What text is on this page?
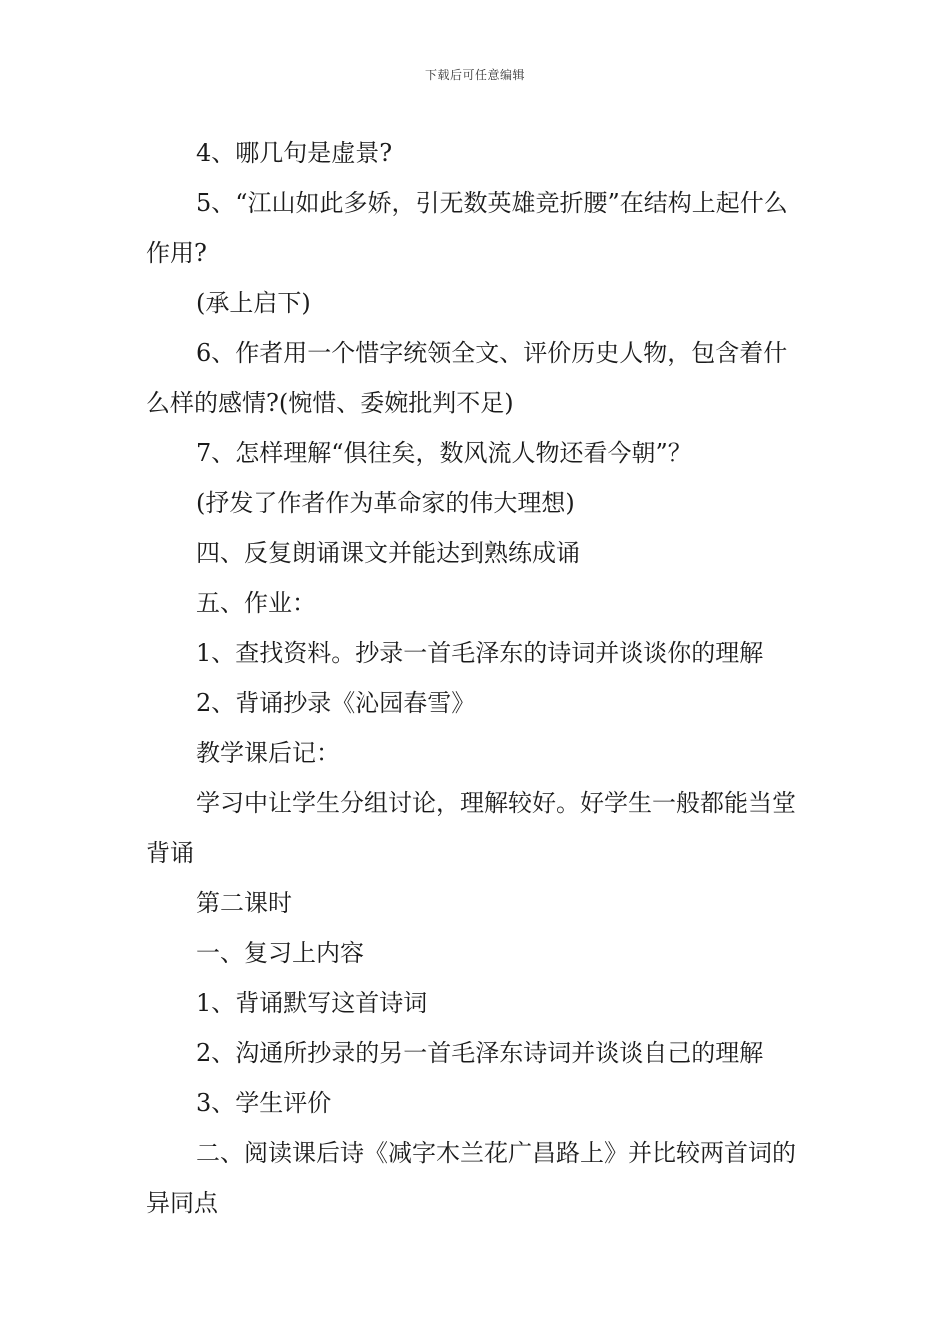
下载后可任意编辑

4、哪几句是虚景?

5、“江山如此多娇，引无数英雄竞折腰”在结构上起什么作用?

(承上启下)

6、作者用一个惜字统领全文、评价历史人物，包含着什么样的感情?(惋惜、委婉批判不足)

7、怎样理解“俱往矣，数风流人物还看今朝”？

(抒发了作者作为革命家的伟大理想)

四、反复朗诵课文并能达到熟练成诵

五、作业：

1、查找资料。抄录一首毛泽东的诗词并谈谈你的理解

2、背诵抄录《沁园春雪》

教学课后记：

学习中让学生分组讨论，理解较好。好学生一般都能当堂背诵

第二课时

一、复习上内容

1、背诵默写这首诗词

2、沟通所抄录的另一首毛泽东诗词并谈谈自己的理解

3、学生评价

二、阅读课后诗《减字木兰花广昌路上》并比较两首词的异同点
